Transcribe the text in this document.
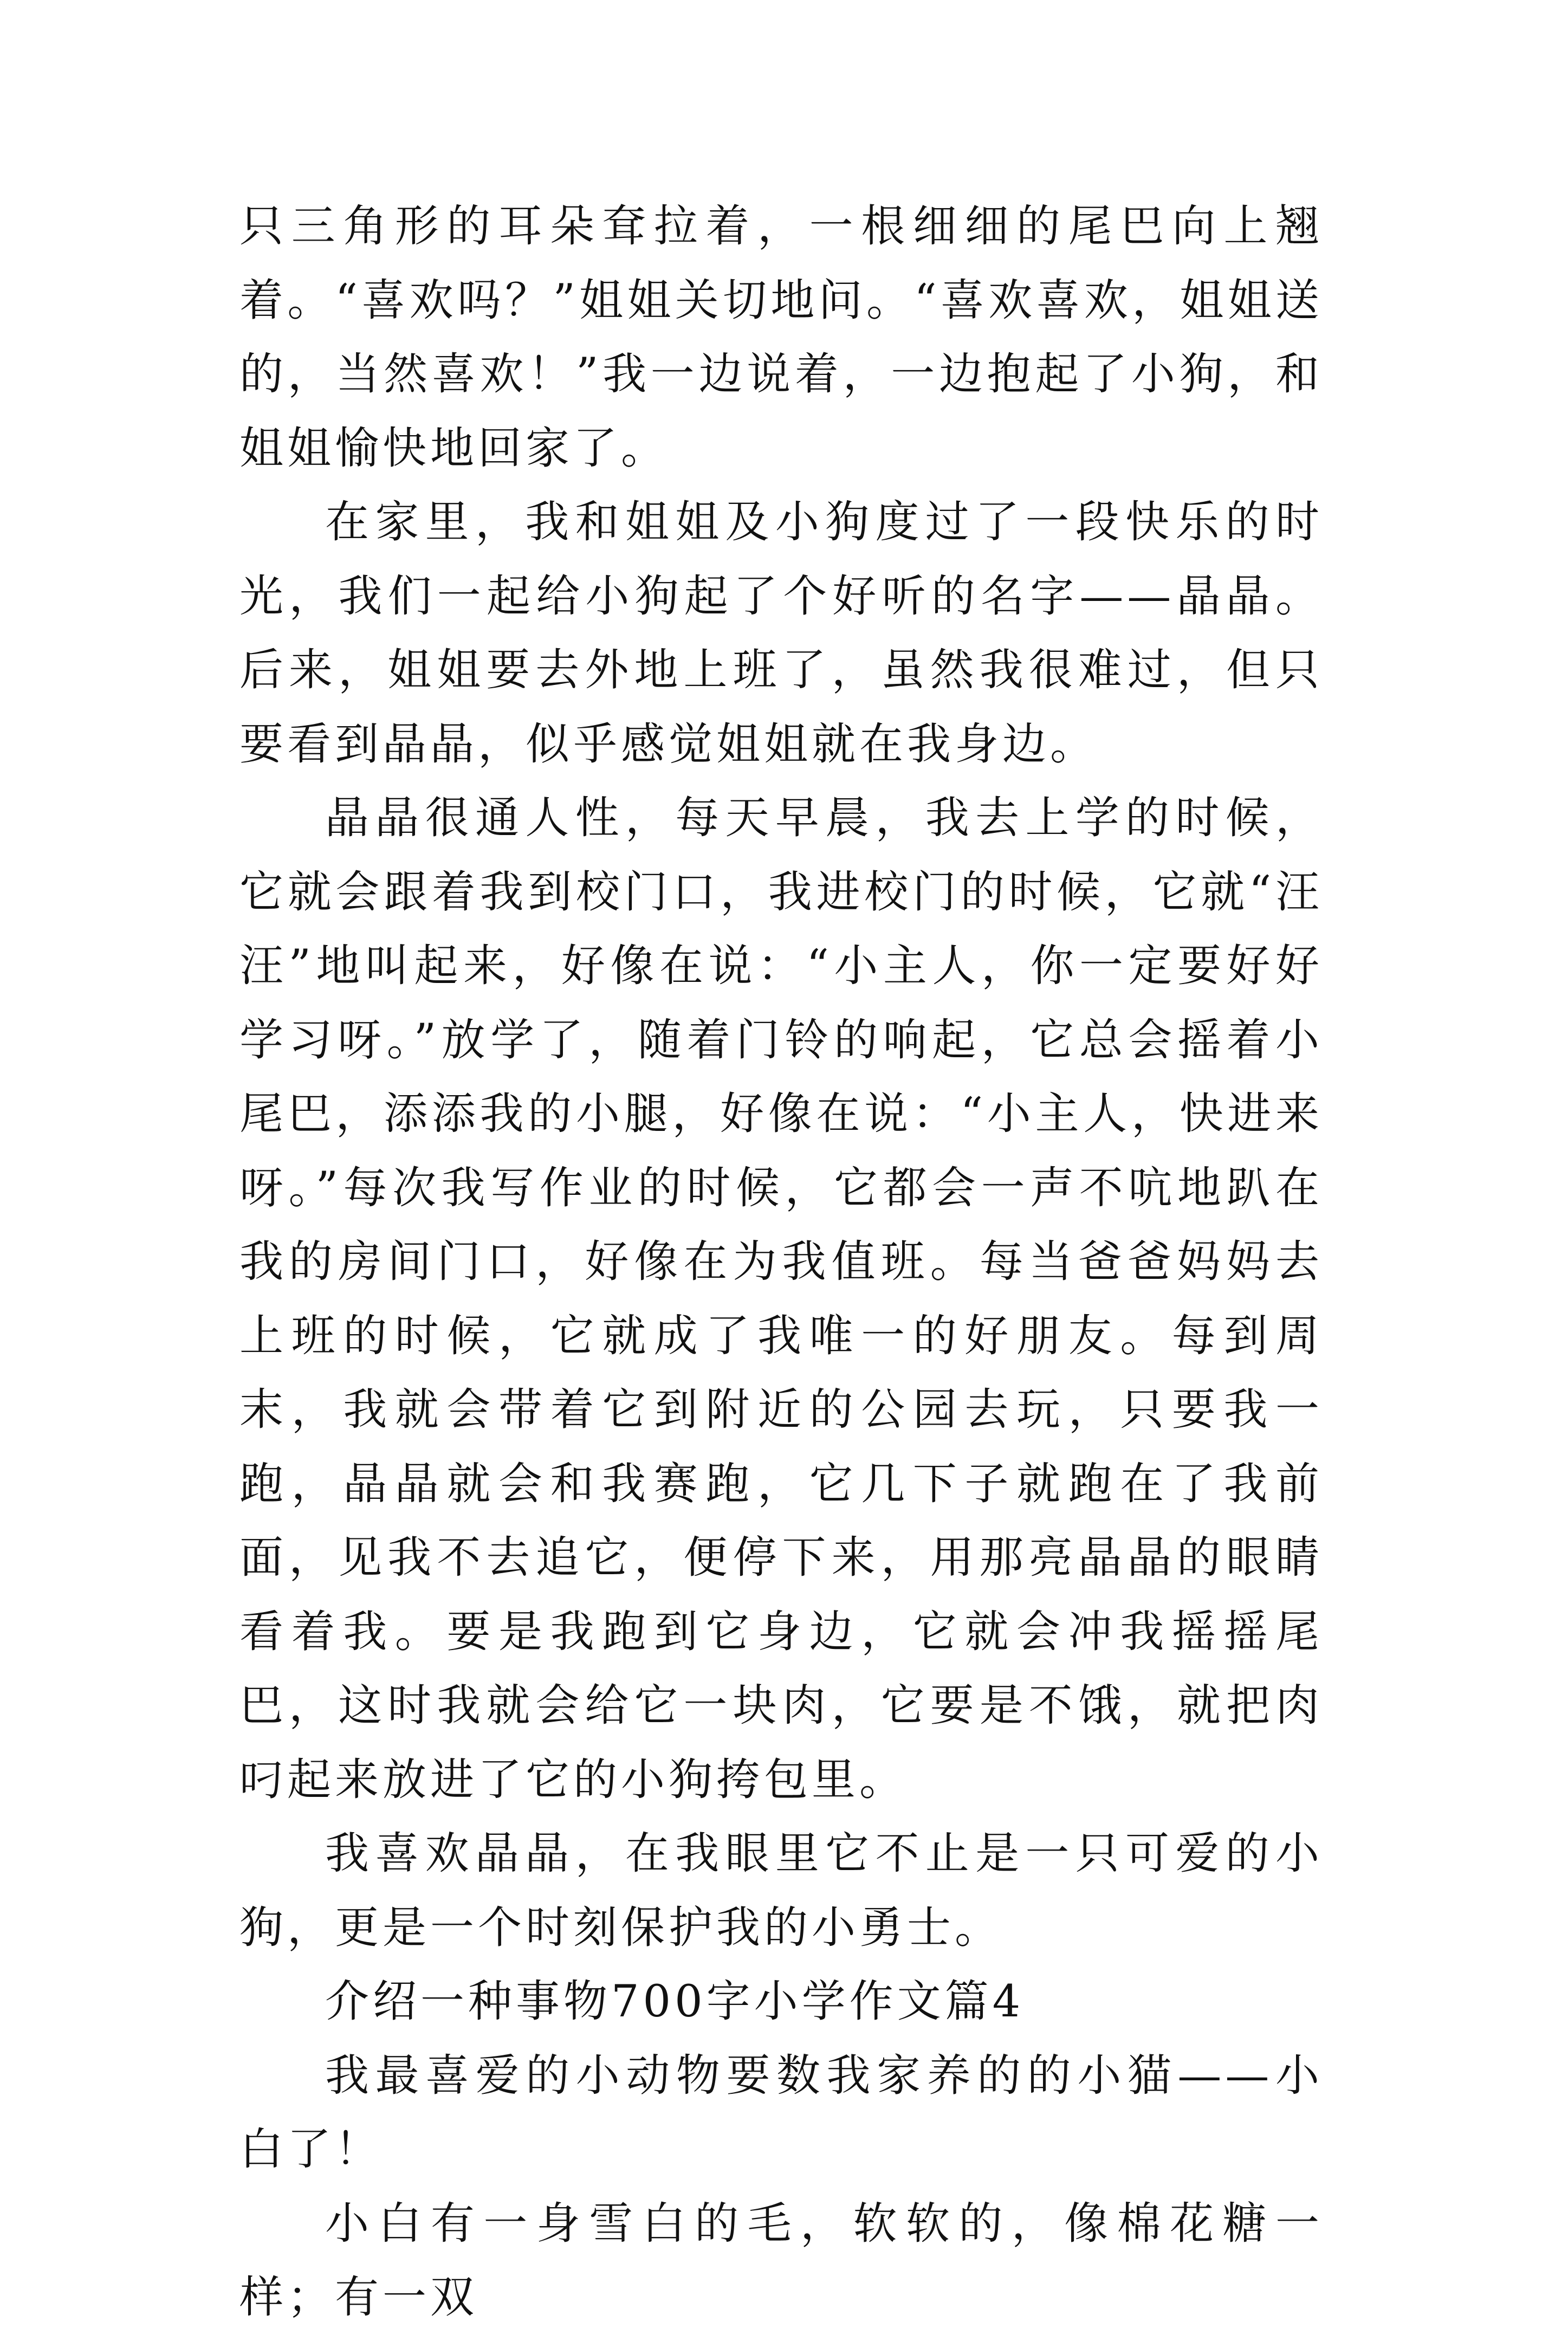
只三角形的耳朵耷拉着，一根细细的尾巴向上翘着。“喜欢吗？”姐姐关切地问。“喜欢喜欢，姐姐送的，当然喜欢！”我一边说着，一边抱起了小狗，和姐姐愉快地回家了。

在家里，我和姐姐及小狗度过了一段快乐的时光，我们一起给小狗起了个好听的名字——晶晶。后来，姐姐要去外地上班了，虽然我很难过，但只要看到晶晶，似乎感觉姐姐就在我身边。

晶晶很通人性，每天早晨，我去上学的时候，它就会跟着我到校门口，我进校门的时候，它就“汪汪”地叫起来，好像在说：“小主人，你一定要好好学习呀。”放学了，随着门铃的响起，它总会摇着小尾巴，添添我的小腿，好像在说：“小主人，快进来呀。”每次我写作业的时候，它都会一声不吭地趴在我的房间门口，好像在为我值班。每当爸爸妈妈去上班的时候，它就成了我唯一的好朋友。每到周末，我就会带着它到附近的公园去玩，只要我一跑，晶晶就会和我赛跑，它几下子就跑在了我前面，见我不去追它，便停下来，用那亮晶晶的眼睛看着我。要是我跑到它身边，它就会冲我摇摇尾巴，这时我就会给它一块肉，它要是不饿，就把肉叼起来放进了它的小狗挎包里。

我喜欢晶晶，在我眼里它不止是一只可爱的小狗，更是一个时刻保护我的小勇士。

介绍一种事物700字小学作文篇4

我最喜爱的小动物要数我家养的的小猫——小白了！

小白有一身雪白的毛，软软的，像棉花糖一样；有一双
